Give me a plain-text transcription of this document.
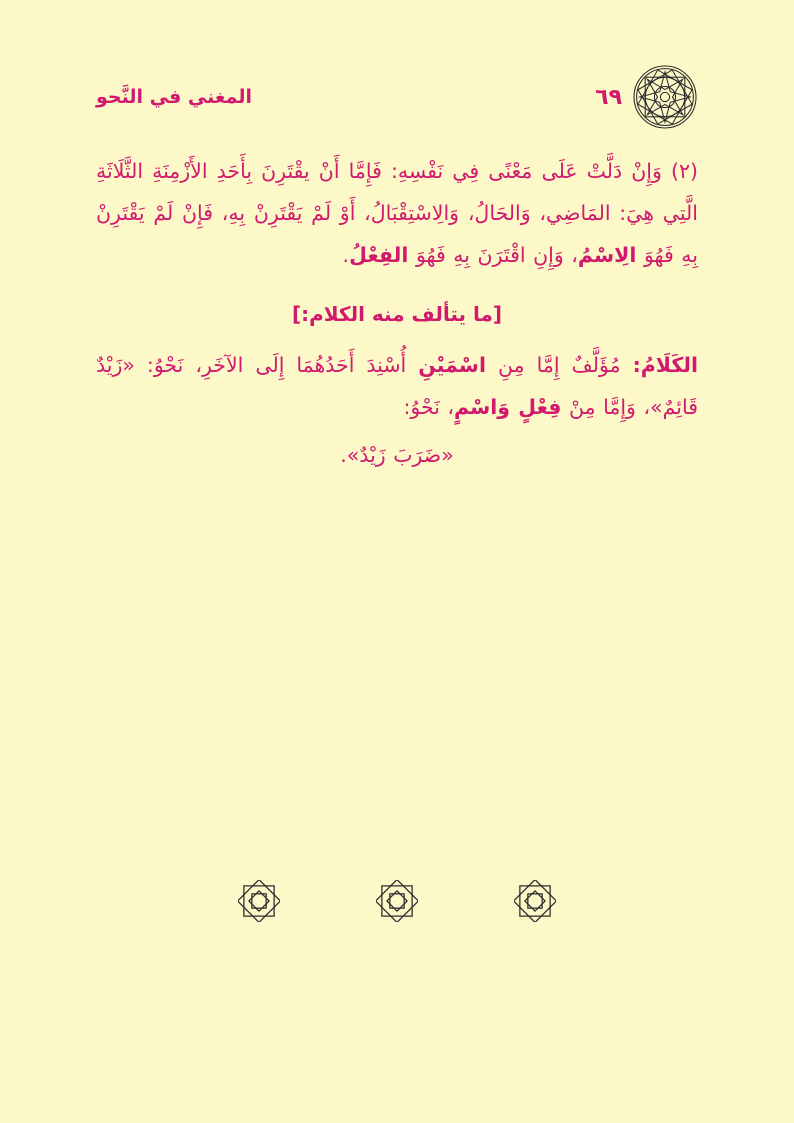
المغني في النَّحو	٦٩

(٢) وَإِنْ دَلَّتْ عَلَى مَعْنًى فِي نَفْسِهِ: فَإِمَّا أَنْ يقْتَرِنَ بِأَحَدِ الأَزْمِنَةِ الثَّلَاثَةِ الَّتِي هِيَ: المَاضِي، وَالحَالُ، وَالِاسْتِقْبَالُ، أَوْ لَمْ يَقْتَرِنْ بِهِ، فَإِنْ لَمْ يَقْتَرِنْ بِهِ فَهُوَ الِاسْمُ، وَإِنِ اقْتَرَنَ بِهِ فَهُوَ الفِعْلُ.

[ما يتألف منه الكلام:]

الكَلَامُ: مُؤَلَّفٌ إِمَّا مِنِ اسْمَيْنِ أُسْنِدَ أَحَدُهُمَا إِلَى الآخَرِ، نَحْوُ: «زَيْدٌ قَائِمٌ»، وَإِمَّا مِنْ فِعْلٍ وَاسْمٍ، نَحْوُ:

«ضَرَبَ زَيْدٌ».
